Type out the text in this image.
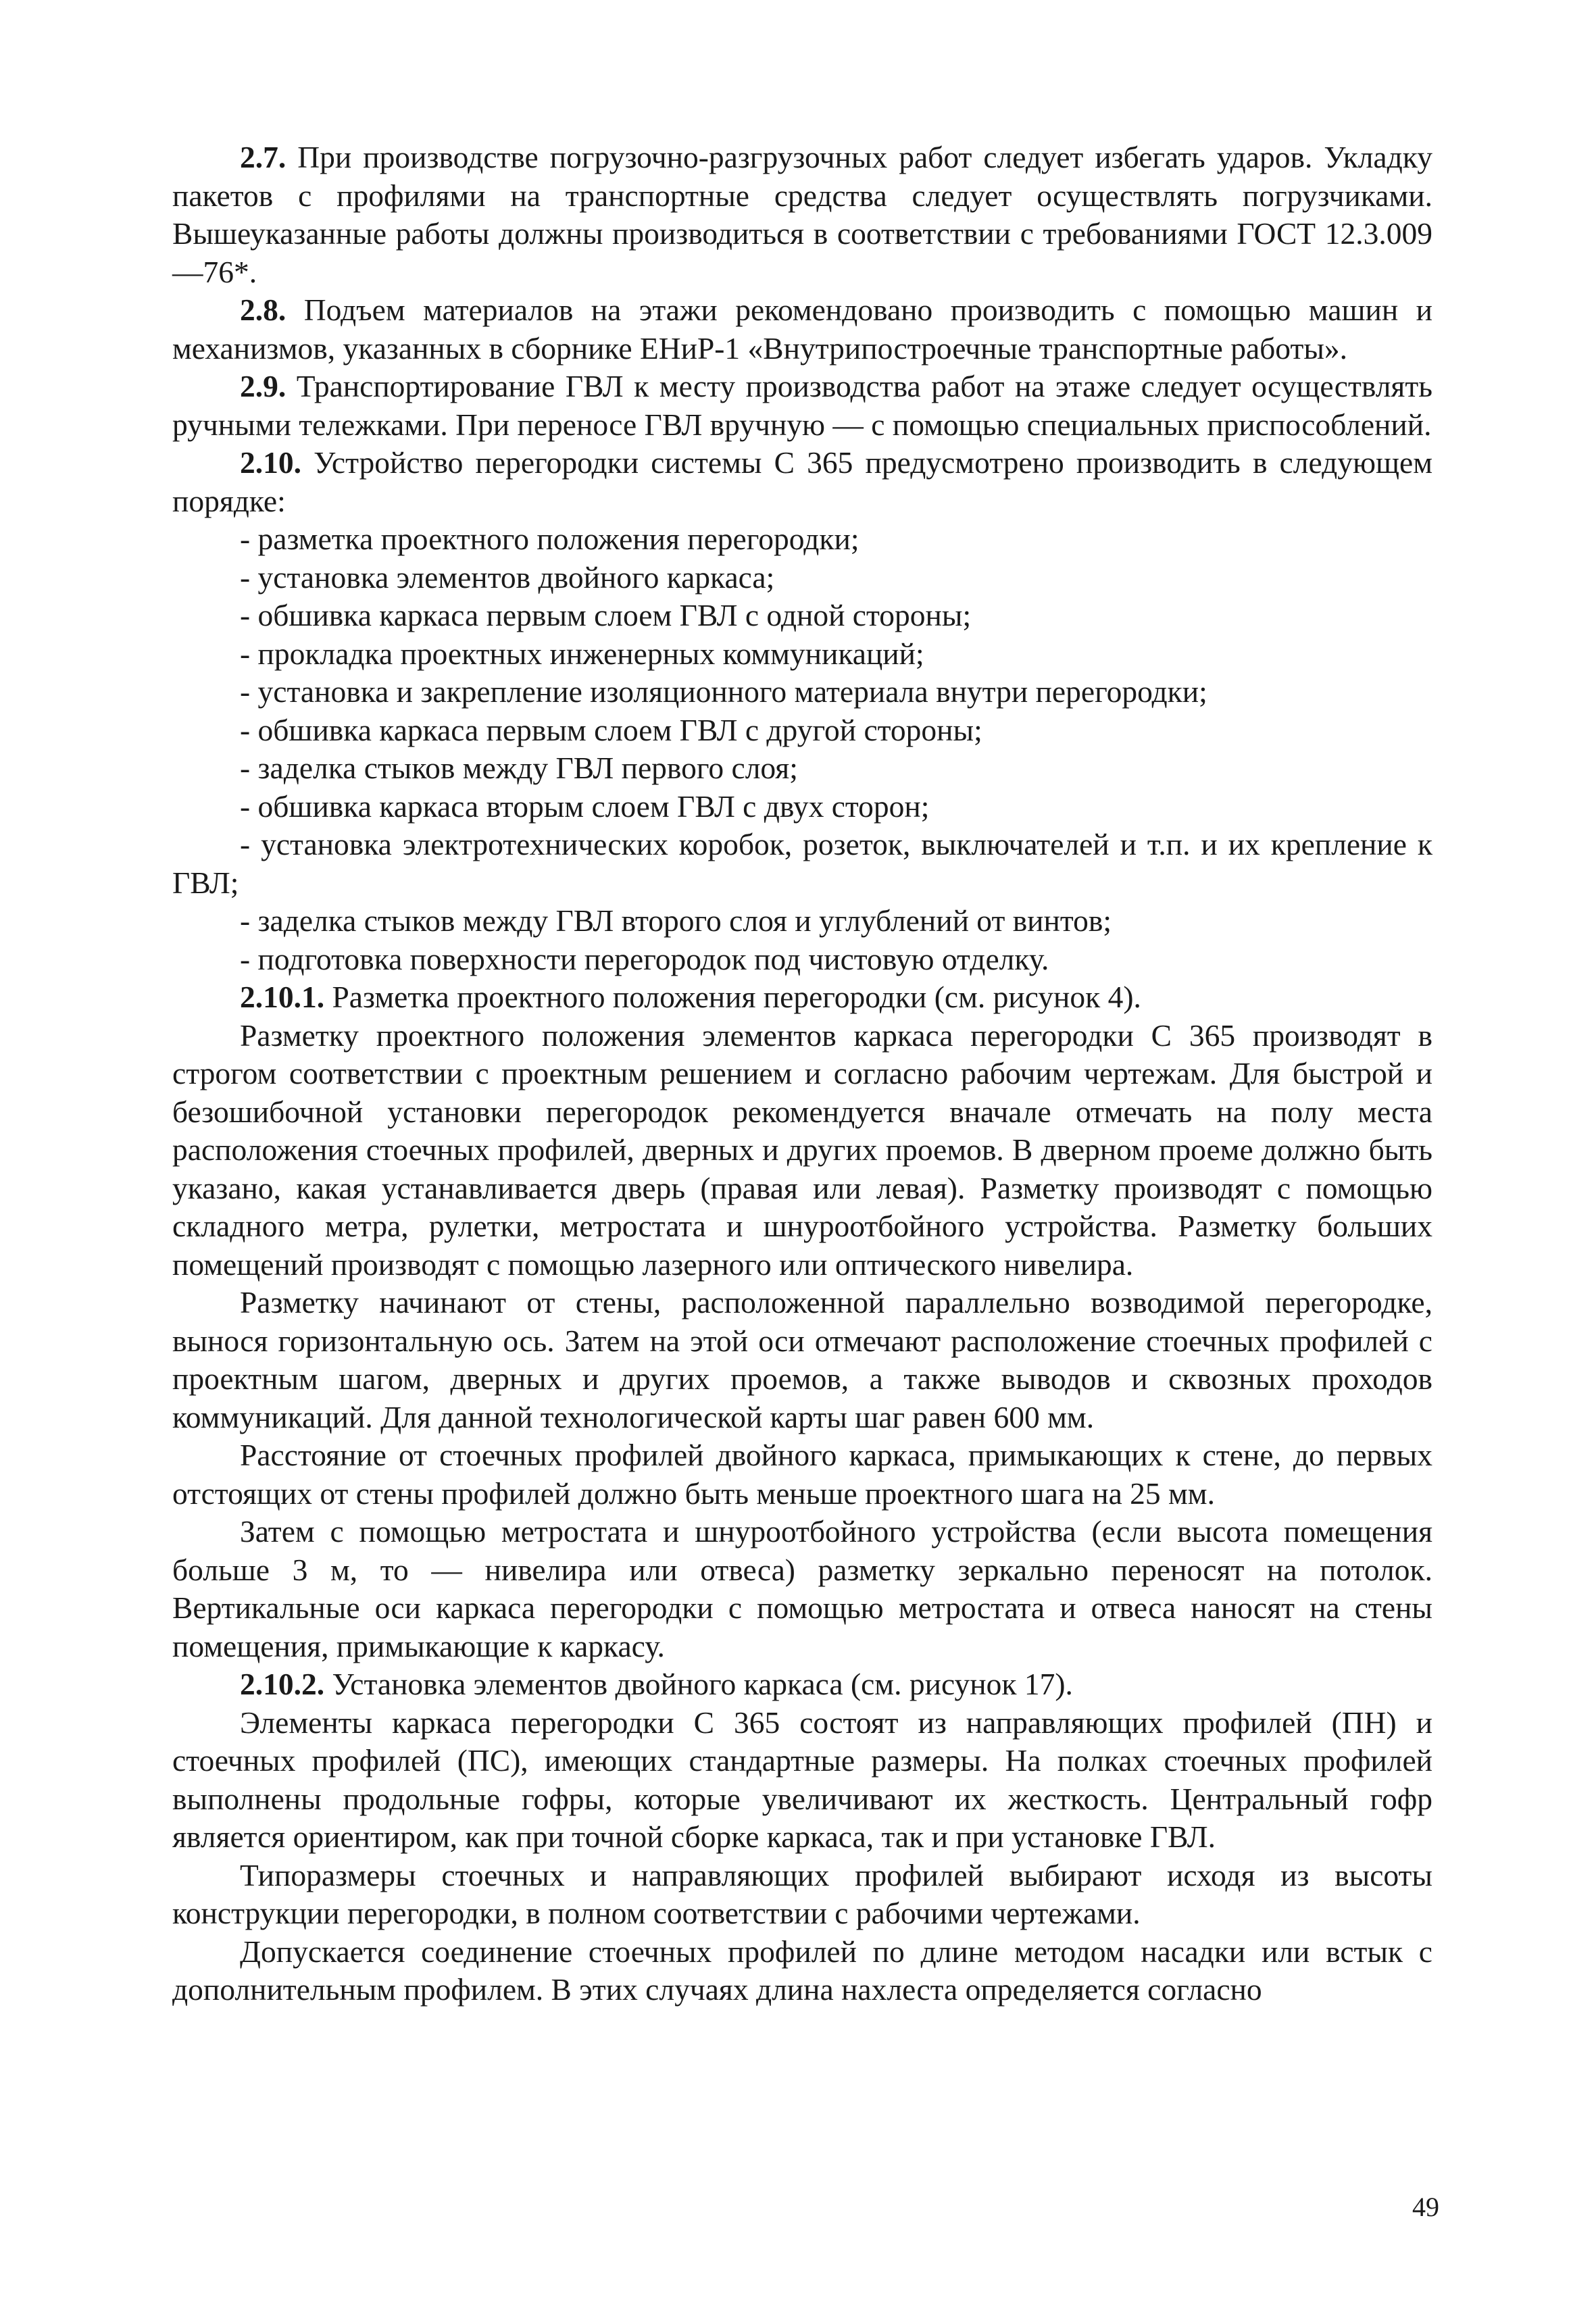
2.7. При производстве погрузочно-разгрузочных работ следует избегать ударов. Укладку пакетов с профилями на транспортные средства следует осуществлять погрузчиками. Вышеуказанные работы должны производиться в соответствии с требованиями ГОСТ 12.3.009—76*.

2.8. Подъем материалов на этажи рекомендовано производить с помощью машин и механизмов, указанных в сборнике ЕНиР-1 «Внутрипостроечные транспортные работы».

2.9. Транспортирование ГВЛ к месту производства работ на этаже следует осуществлять ручными тележками. При переносе ГВЛ вручную — с помощью специальных приспособлений.

2.10. Устройство перегородки системы С 365 предусмотрено производить в следующем порядке:

- разметка проектного положения перегородки;

- установка элементов двойного каркаса;

- обшивка каркаса первым слоем ГВЛ с одной стороны;

- прокладка проектных инженерных коммуникаций;

- установка и закрепление изоляционного материала внутри перегородки;

- обшивка каркаса первым слоем ГВЛ с другой стороны;

- заделка стыков между ГВЛ первого слоя;

- обшивка каркаса вторым слоем ГВЛ с двух сторон;

- установка электротехнических коробок, розеток, выключателей и т.п. и их крепление к ГВЛ;

- заделка стыков между ГВЛ второго слоя и углублений от винтов;

- подготовка поверхности перегородок под чистовую отделку.

2.10.1. Разметка проектного положения перегородки (см. рисунок 4).

Разметку проектного положения элементов каркаса перегородки С 365 производят в строгом соответствии с проектным решением и согласно рабочим чертежам. Для быстрой и безошибочной установки перегородок рекомендуется вначале отмечать на полу места расположения стоечных профилей, дверных и других проемов. В дверном проеме должно быть указано, какая устанавливается дверь (правая или левая). Разметку производят с помощью складного метра, рулетки, метростата и шнуроотбойного устройства. Разметку больших помещений производят с помощью лазерного или оптического нивелира.

Разметку начинают от стены, расположенной параллельно возводимой перегородке, вынося горизонтальную ось. Затем на этой оси отмечают расположение стоечных профилей с проектным шагом, дверных и других проемов, а также выводов и сквозных проходов коммуникаций. Для данной технологической карты шаг равен 600 мм.

Расстояние от стоечных профилей двойного каркаса, примыкающих к стене, до первых отстоящих от стены профилей должно быть меньше проектного шага на 25 мм.

Затем с помощью метростата и шнуроотбойного устройства (если высота помещения больше 3 м, то — нивелира или отвеса) разметку зеркально переносят на потолок. Вертикальные оси каркаса перегородки с помощью метростата и отвеса наносят на стены помещения, примыкающие к каркасу.

2.10.2. Установка элементов двойного каркаса (см. рисунок 17).

Элементы каркаса перегородки С 365 состоят из направляющих профилей (ПН) и стоечных профилей (ПС), имеющих стандартные размеры. На полках стоечных профилей выполнены продольные гофры, которые увеличивают их жесткость. Центральный гофр является ориентиром, как при точной сборке каркаса, так и при установке ГВЛ.

Типоразмеры стоечных и направляющих профилей выбирают исходя из высоты конструкции перегородки, в полном соответствии с рабочими чертежами.

Допускается соединение стоечных профилей по длине методом насадки или встык с дополнительным профилем. В этих случаях длина нахлеста определяется согласно

49
